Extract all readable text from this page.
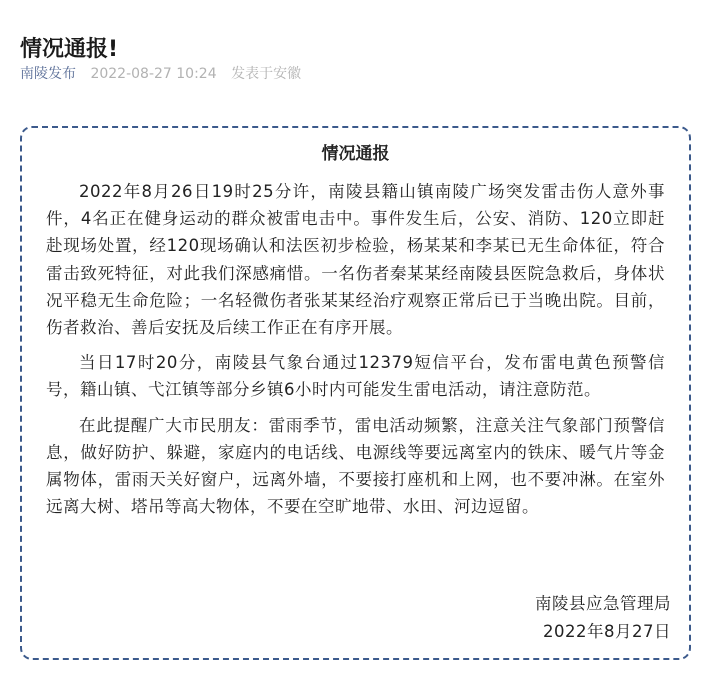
情况通报!
南陵发布 2022-08-27 10:24 发表于安徽
情况通报

2022年8月26日19时25分许，南陵县籍山镇南陵广场突发雷击伤人意外事件，4名正在健身运动的群众被雷电击中。事件发生后，公安、消防、120立即赶赴现场处置，经120现场确认和法医初步检验，杨某某和李某已无生命体征，符合雷击致死特征，对此我们深感痛惜。一名伤者秦某某经南陵县医院急救后，身体状况平稳无生命危险；一名轻微伤者张某某经治疗观察正常后已于当晚出院。目前，伤者救治、善后安抚及后续工作正在有序开展。

当日17时20分，南陵县气象台通过12379短信平台，发布雷电黄色预警信号，籍山镇、弋江镇等部分乡镇6小时内可能发生雷电活动，请注意防范。

在此提醒广大市民朋友：雷雨季节，雷电活动频繁，注意关注气象部门预警信息，做好防护、躲避，家庭内的电话线、电源线等要远离室内的铁床、暖气片等金属物体，雷雨天关好窗户，远离外墙，不要接打座机和上网，也不要冲淋。在室外远离大树、塔吊等高大物体，不要在空旷地带、水田、河边逗留。

南陵县应急管理局
2022年8月27日
